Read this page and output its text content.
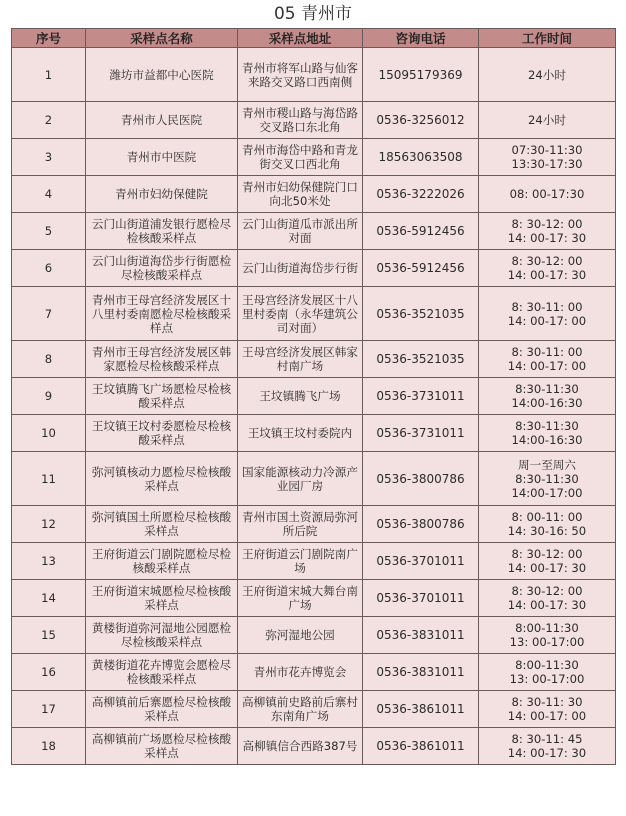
05 青州市
序号	采样点名称	采样点地址	咨询电话	工作时间
1	潍坊市益都中心医院	青州市将军山路与仙客来路交叉路口西南侧	15095179369	24小时
2	青州市人民医院	青州市稷山路与海岱路交叉路口东北角	0536-3256012	24小时
3	青州市中医院	青州市海岱中路和青龙街交叉口西北角	18563063508	07:30-11:30
13:30-17:30
4	青州市妇幼保健院	青州市妇幼保健院门口向北50米处	0536-3222026	08: 00-17:30
5	云门山街道浦发银行愿检尽检核酸采样点	云门山街道瓜市派出所对面	0536-5912456	8: 30-12: 00
14: 00-17: 30
6	云门山街道海岱步行街愿检尽检核酸采样点	云门山街道海岱步行街	0536-5912456	8: 30-12: 00
14: 00-17: 30
7	青州市王母宫经济发展区十八里村委南愿检尽检核酸采样点	王母宫经济发展区十八里村委南（永华建筑公司对面）	0536-3521035	8: 30-11: 00
14: 00-17: 00
8	青州市王母宫经济发展区韩家愿检尽检核酸采样点	王母宫经济发展区韩家村南广场	0536-3521035	8: 30-11: 00
14: 00-17: 00
9	王坟镇腾飞广场愿检尽检核酸采样点	王坟镇腾飞广场	0536-3731011	8:30-11:30
14:00-16:30
10	王坟镇王坟村委愿检尽检核酸采样点	王坟镇王坟村委院内	0536-3731011	8:30-11:30
14:00-16:30
11	弥河镇核动力愿检尽检核酸采样点	国家能源核动力冷源产业园厂房	0536-3800786	周一至周六
8:30-11:30
14:00-17:00
12	弥河镇国土所愿检尽检核酸采样点	青州市国土资源局弥河所后院	0536-3800786	8: 00-11: 00
14: 30-16: 50
13	王府街道云门剧院愿检尽检核酸采样点	王府街道云门剧院南广场	0536-3701011	8: 30-12: 00
14: 00-17: 30
14	王府街道宋城愿检尽检核酸采样点	王府街道宋城大舞台南广场	0536-3701011	8: 30-12: 00
14: 00-17: 30
15	黄楼街道弥河湿地公园愿检尽检核酸采样点	弥河湿地公园	0536-3831011	8:00-11:30
13: 00-17:00
16	黄楼街道花卉博览会愿检尽检核酸采样点	青州市花卉博览会	0536-3831011	8:00-11:30
13: 00-17:00
17	高柳镇前后寨愿检尽检核酸采样点	高柳镇前史路前后寨村东南角广场	0536-3861011	8: 30-11: 30
14: 00-17: 00
18	高柳镇前广场愿检尽检核酸采样点	高柳镇信合西路387号	0536-3861011	8: 30-11: 45
14: 00-17: 30
